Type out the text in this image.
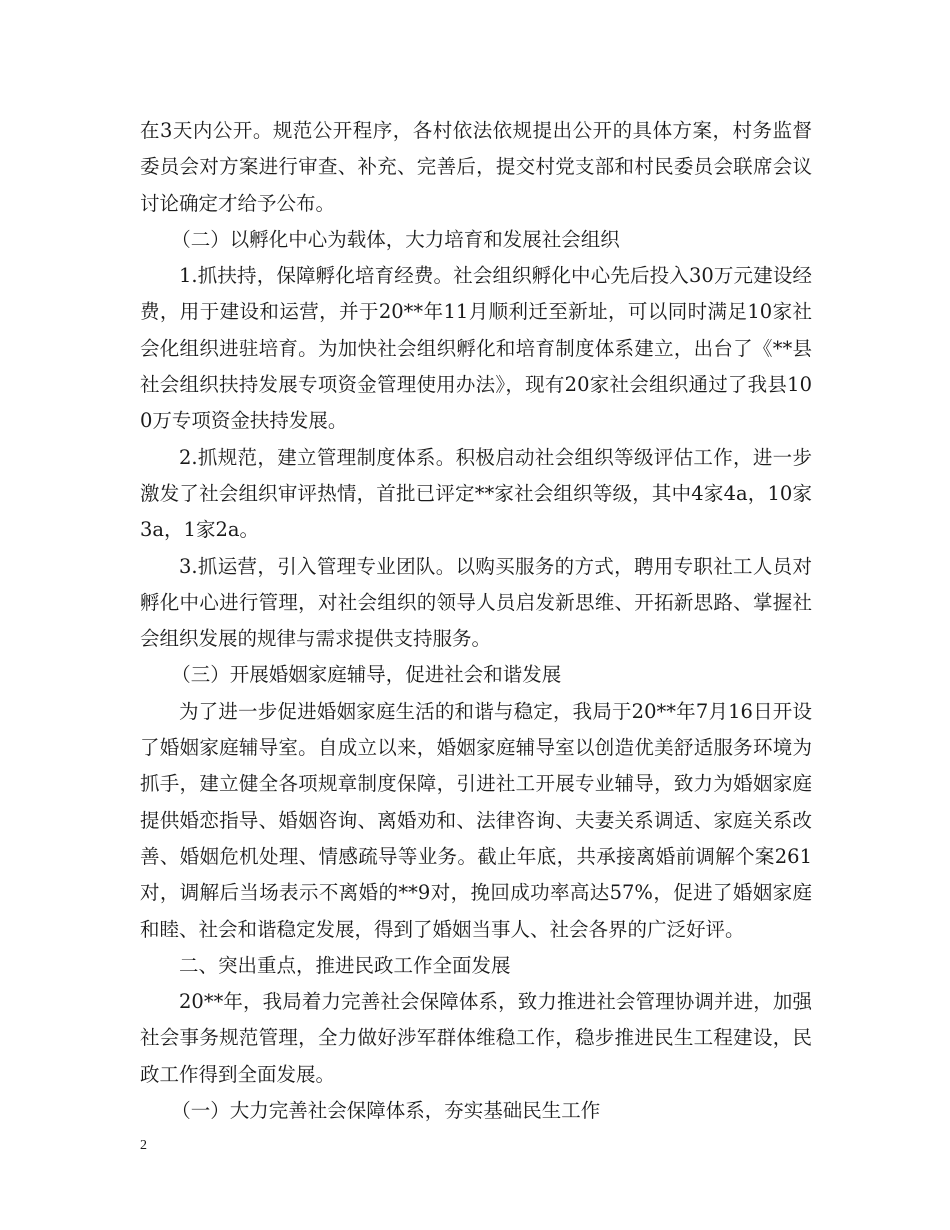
在3天内公开。规范公开程序，各村依法依规提出公开的具体方案，村务监督委员会对方案进行审查、补充、完善后，提交村党支部和村民委员会联席会议讨论确定才给予公布。

（二）以孵化中心为载体，大力培育和发展社会组织

1.抓扶持，保障孵化培育经费。社会组织孵化中心先后投入30万元建设经费，用于建设和运营，并于20**年11月顺利迁至新址，可以同时满足10家社会化组织进驻培育。为加快社会组织孵化和培育制度体系建立，出台了《**县社会组织扶持发展专项资金管理使用办法》，现有20家社会组织通过了我县100万专项资金扶持发展。

2.抓规范，建立管理制度体系。积极启动社会组织等级评估工作，进一步激发了社会组织审评热情，首批已评定**家社会组织等级，其中4家4a，10家3a，1家2a。

3.抓运营，引入管理专业团队。以购买服务的方式，聘用专职社工人员对孵化中心进行管理，对社会组织的领导人员启发新思维、开拓新思路、掌握社会组织发展的规律与需求提供支持服务。

（三）开展婚姻家庭辅导，促进社会和谐发展

为了进一步促进婚姻家庭生活的和谐与稳定，我局于20**年7月16日开设了婚姻家庭辅导室。自成立以来，婚姻家庭辅导室以创造优美舒适服务环境为抓手，建立健全各项规章制度保障，引进社工开展专业辅导，致力为婚姻家庭提供婚恋指导、婚姻咨询、离婚劝和、法律咨询、夫妻关系调适、家庭关系改善、婚姻危机处理、情感疏导等业务。截止年底，共承接离婚前调解个案261对，调解后当场表示不离婚的**9对，挽回成功率高达57%，促进了婚姻家庭和睦、社会和谐稳定发展，得到了婚姻当事人、社会各界的广泛好评。

二、突出重点，推进民政工作全面发展

20**年，我局着力完善社会保障体系，致力推进社会管理协调并进，加强社会事务规范管理，全力做好涉军群体维稳工作，稳步推进民生工程建设，民政工作得到全面发展。

（一）大力完善社会保障体系，夯实基础民生工作

2
